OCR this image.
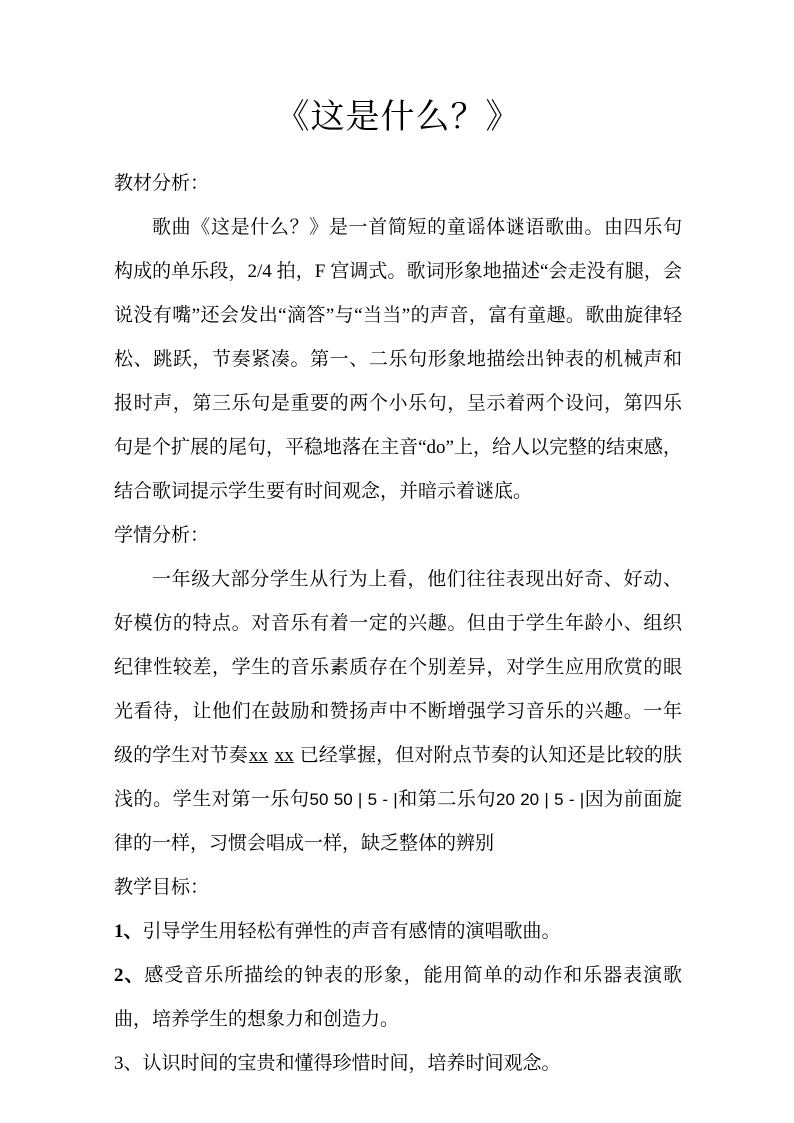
《这是什么？》

教材分析：

歌曲《这是什么？》是一首简短的童谣体谜语歌曲。由四乐句构成的单乐段，2/4 拍，F 宫调式。歌词形象地描述“会走没有腿，会说没有嘴”还会发出“滴答”与“当当”的声音，富有童趣。歌曲旋律轻松、跳跃，节奏紧凑。第一、二乐句形象地描绘出钟表的机械声和报时声，第三乐句是重要的两个小乐句，呈示着两个设问，第四乐句是个扩展的尾句，平稳地落在主音“do”上，给人以完整的结束感，结合歌词提示学生要有时间观念，并暗示着谜底。

学情分析：

一年级大部分学生从行为上看，他们往往表现出好奇、好动、好模仿的特点。对音乐有着一定的兴趣。但由于学生年龄小、组织纪律性较差，学生的音乐素质存在个别差异，对学生应用欣赏的眼光看待，让他们在鼓励和赞扬声中不断增强学习音乐的兴趣。一年级的学生对节奏xx xx 已经掌握，但对附点节奏的认知还是比较的肤浅的。学生对第一乐句50 50 | 5 - |和第二乐句20 20 | 5 - |因为前面旋律的一样，习惯会唱成一样，缺乏整体的辨别

教学目标：

1、引导学生用轻松有弹性的声音有感情的演唱歌曲。

2、感受音乐所描绘的钟表的形象，能用简单的动作和乐器表演歌曲，培养学生的想象力和创造力。

3、认识时间的宝贵和懂得珍惜时间，培养时间观念。
